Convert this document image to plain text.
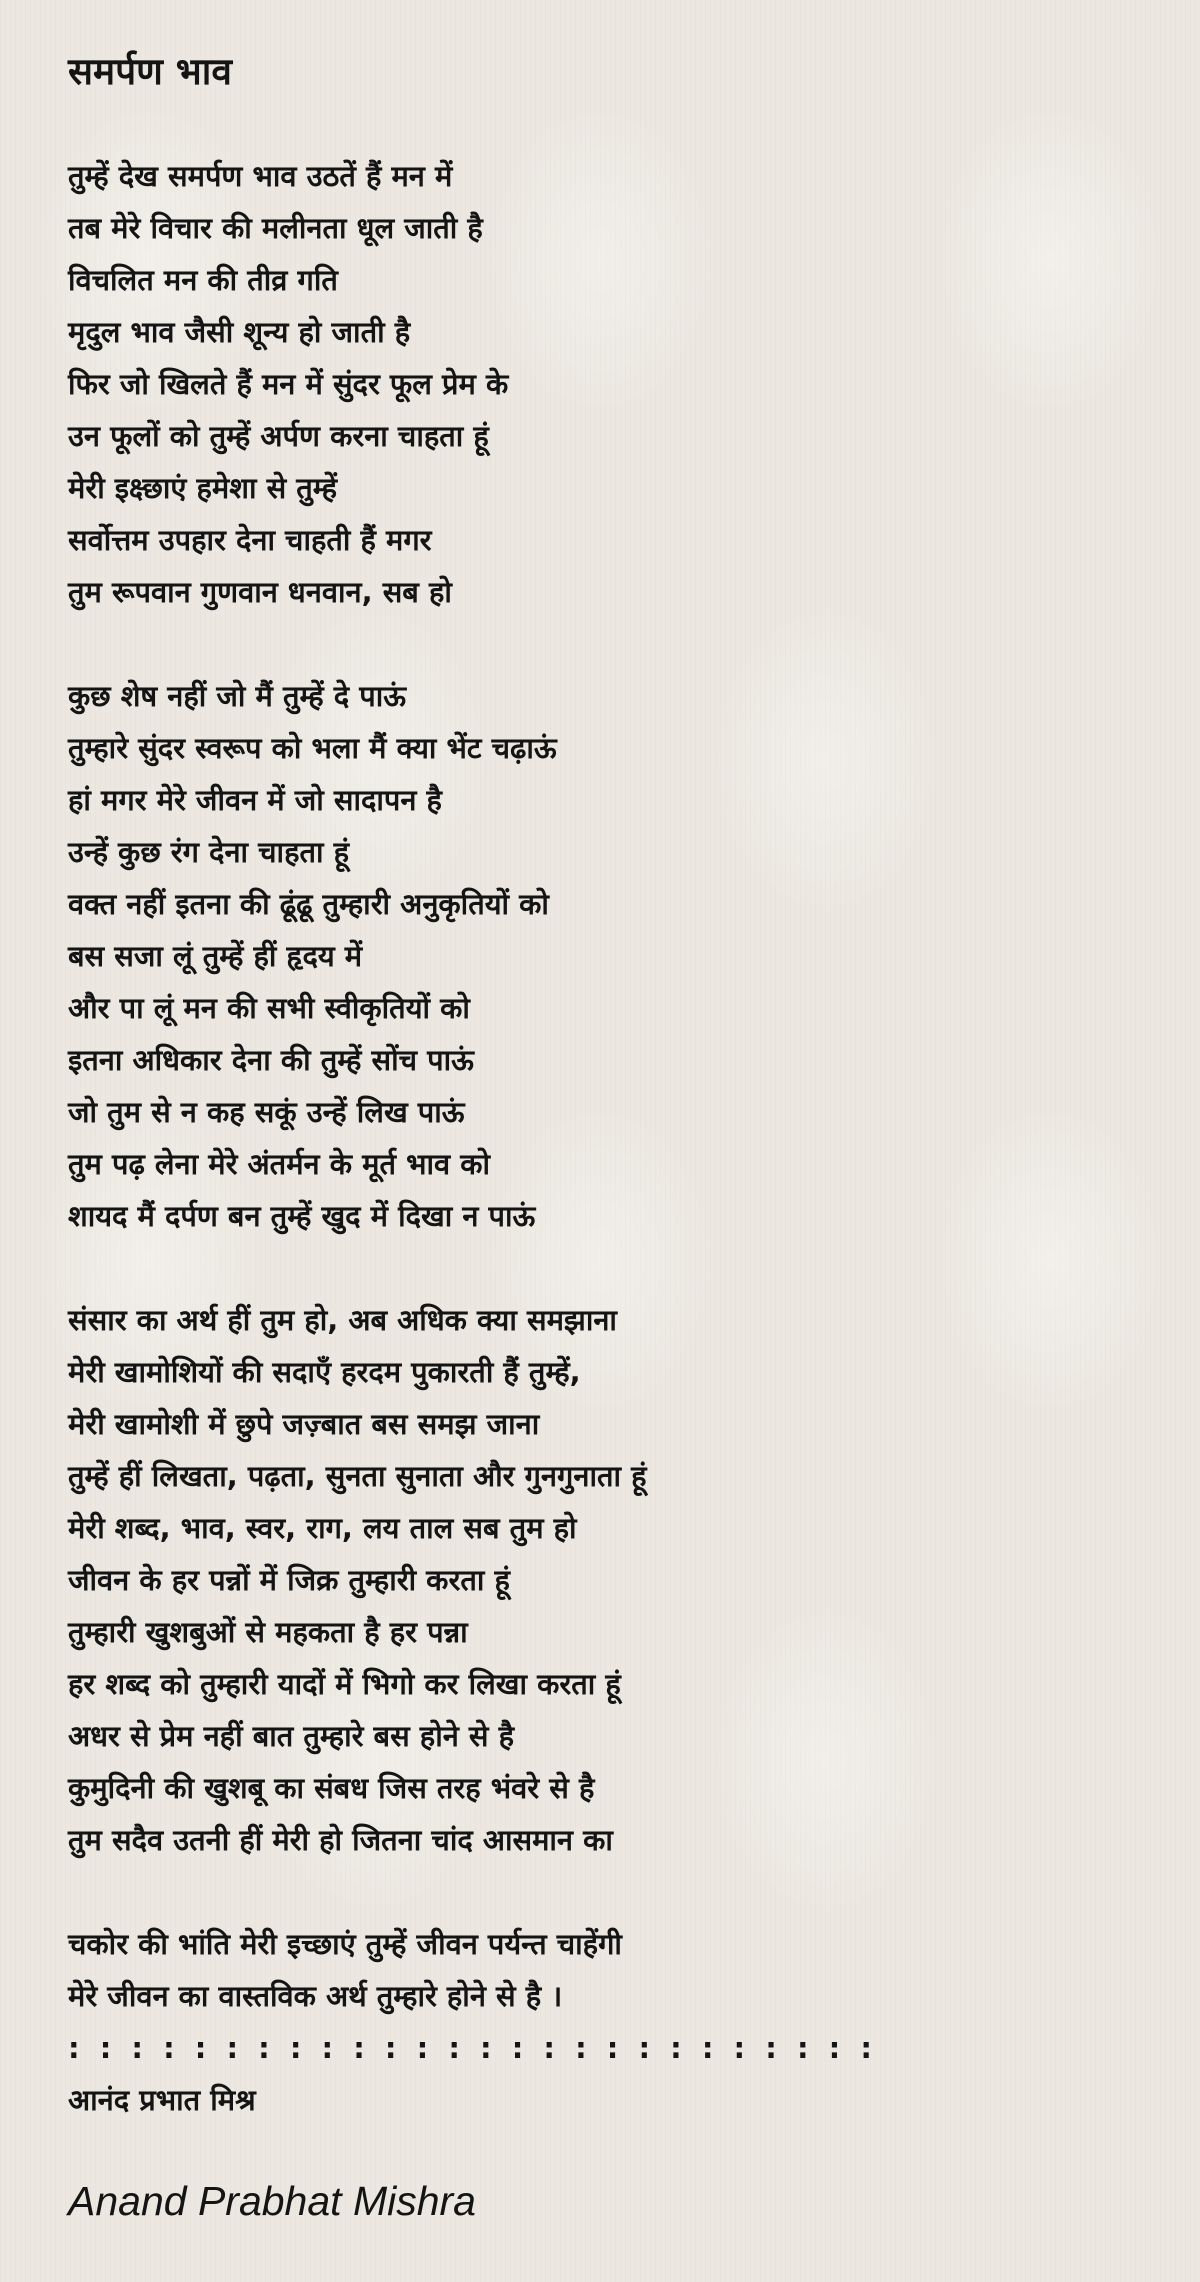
समर्पण भाव
तुम्हें देख समर्पण भाव उठतें हैं मन में
तब मेरे विचार की मलीनता धूल जाती है
विचलित मन की तीव्र गति
मृदुल भाव जैसी शून्य हो जाती है
फिर जो खिलते हैं मन में सुंदर फूल प्रेम के
उन फूलों को तुम्हें अर्पण करना चाहता हूं
मेरी इक्ष्छाएं हमेशा से तुम्हें
सर्वोत्तम उपहार देना चाहती हैं मगर
तुम रूपवान गुणवान धनवान, सब हो
कुछ शेष नहीं जो मैं तुम्हें दे पाऊं
तुम्हारे सुंदर स्वरूप को भला मैं क्या भेंट चढ़ाऊं
हां मगर मेरे जीवन में जो सादापन है
उन्हें कुछ रंग देना चाहता हूं
वक्त नहीं इतना की ढूंढू तुम्हारी अनुकृतियों को
बस सजा लूं तुम्हें हीं हृदय में
और पा लूं मन की सभी स्वीकृतियों को
इतना अधिकार देना की तुम्हें सोंच पाऊं
जो तुम से न कह सकूं उन्हें लिख पाऊं
तुम पढ़ लेना मेरे अंतर्मन के मूर्त भाव को
शायद मैं दर्पण बन तुम्हें खुद में दिखा न पाऊं
संसार का अर्थ हीं तुम हो, अब अधिक क्या समझाना
मेरी खामोशियों की सदाएँ हरदम पुकारती हैं तुम्हें,
मेरी खामोशी में छुपे जज़्बात बस समझ जाना
तुम्हें हीं लिखता, पढ़ता, सुनता सुनाता और गुनगुनाता हूं
मेरी शब्द, भाव, स्वर, राग, लय ताल सब तुम हो
जीवन के हर पन्नों में जिक्र तुम्हारी करता हूं
तुम्हारी खुशबुओं से महकता है हर पन्ना
हर शब्द को तुम्हारी यादों में भिगो कर लिखा करता हूं
अधर से प्रेम नहीं बात तुम्हारे बस होने से है
कुमुदिनी की खुशबू का संबध जिस तरह भंवरे से है
तुम सदैव उतनी हीं मेरी हो जितना चांद आसमान का
चकोर की भांति मेरी इच्छाएं तुम्हें जीवन पर्यन्त चाहेंगी
मेरे जीवन का वास्तविक अर्थ तुम्हारे होने से है ।
: : : : : : : : : : : : : : : : : : : : : : : : : :
आनंद प्रभात मिश्र
Anand Prabhat Mishra
